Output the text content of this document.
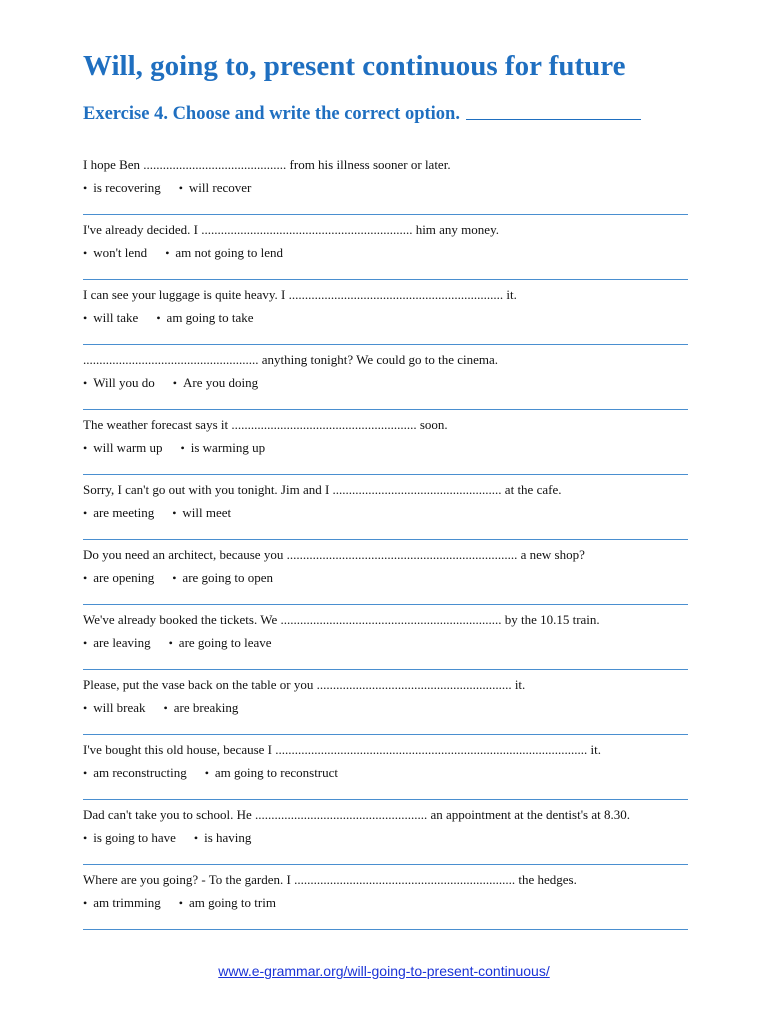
Will, going to, present continuous for future
Exercise 4. Choose and write the correct option.
I hope Ben ............................................ from his illness sooner or later.
• is recovering • will recover
I've already decided. I ................................................................. him any money.
• won't lend • am not going to lend
I can see your luggage is quite heavy. I .................................................................. it.
• will take • am going to take
...................................................... anything tonight? We could go to the cinema.
• Will you do • Are you doing
The weather forecast says it ......................................................... soon.
• will warm up • is warming up
Sorry, I can't go out with you tonight. Jim and I .................................................... at the cafe.
• are meeting • will meet
Do you need an architect, because you ....................................................................... a new shop?
• are opening • are going to open
We've already booked the tickets. We .................................................................... by the 10.15 train.
• are leaving • are going to leave
Please, put the vase back on the table or you ............................................................ it.
• will break • are breaking
I've bought this old house, because I ................................................................................................ it.
• am reconstructing • am going to reconstruct
Dad can't take you to school. He ..................................................... an appointment at the dentist's at 8.30.
• is going to have • is having
Where are you going? - To the garden. I .................................................................... the hedges.
• am trimming • am going to trim
www.e-grammar.org/will-going-to-present-continuous/
